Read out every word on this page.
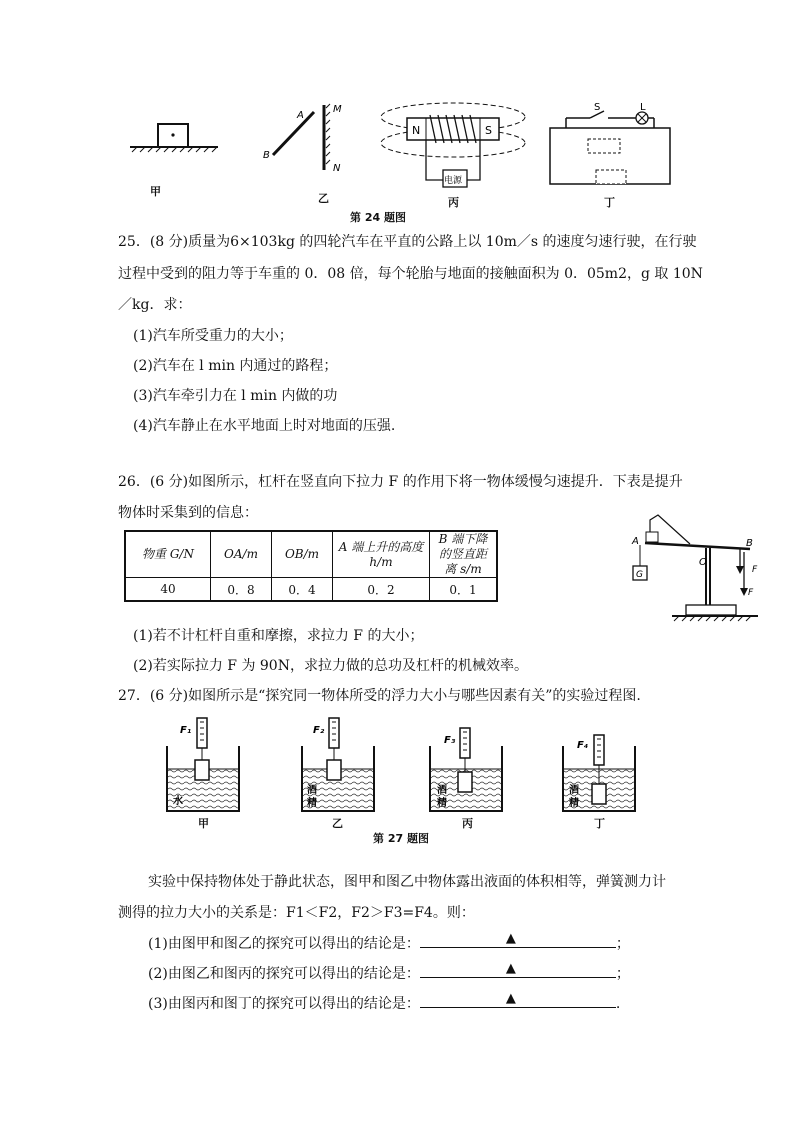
A
B
M
N
N	S
电源
S	L
甲
乙	丙	丁
第 24 题图
25．(8 分)质量为6×103kg 的四轮汽车在平直的公路上以 10m／s 的速度匀速行驶，在行驶
过程中受到的阻力等于车重的 0．08 倍，每个轮胎与地面的接触面积为 0．05m2，g 取 10N
／kg．求：
(1)汽车所受重力的大小；
(2)汽车在 l min 内通过的路程；
(3)汽车牵引力在 l min 内做的功
(4)汽车静止在水平地面上时对地面的压强.
26．(6 分)如图所示，杠杆在竖直向下拉力 F 的作用下将一物体缓慢匀速提升．下表是提升
物体时采集到的信息：
物重 G/N	OA/m	OB/m	A 端上升的高度 h/m	B 端下降的竖直距离 s/m
40	0．8	0．4	0．2	0．1
A	B
O
G	F
F
(1)若不计杠杆自重和摩擦，求拉力 F 的大小；
(2)若实际拉力 F 为 90N，求拉力做的总功及杠杆的机械效率。
27．(6 分)如图所示是“探究同一物体所受的浮力大小与哪些因素有关”的实验过程图.
F₁	F₂
F₃	F₄
水
酒
精
酒
精
酒
精
甲	乙	丙	丁
第 27 题图
实验中保持物体处于静此状态，图甲和图乙中物体露出液面的体积相等，弹簧测力计
测得的拉力大小的关系是：F1＜F2，F2＞F3=F4。则：
(1)由图甲和图乙的探究可以得出的结论是：	▲	；
(2)由图乙和图丙的探究可以得出的结论是：	▲	；
(3)由图丙和图丁的探究可以得出的结论是：	▲	.
